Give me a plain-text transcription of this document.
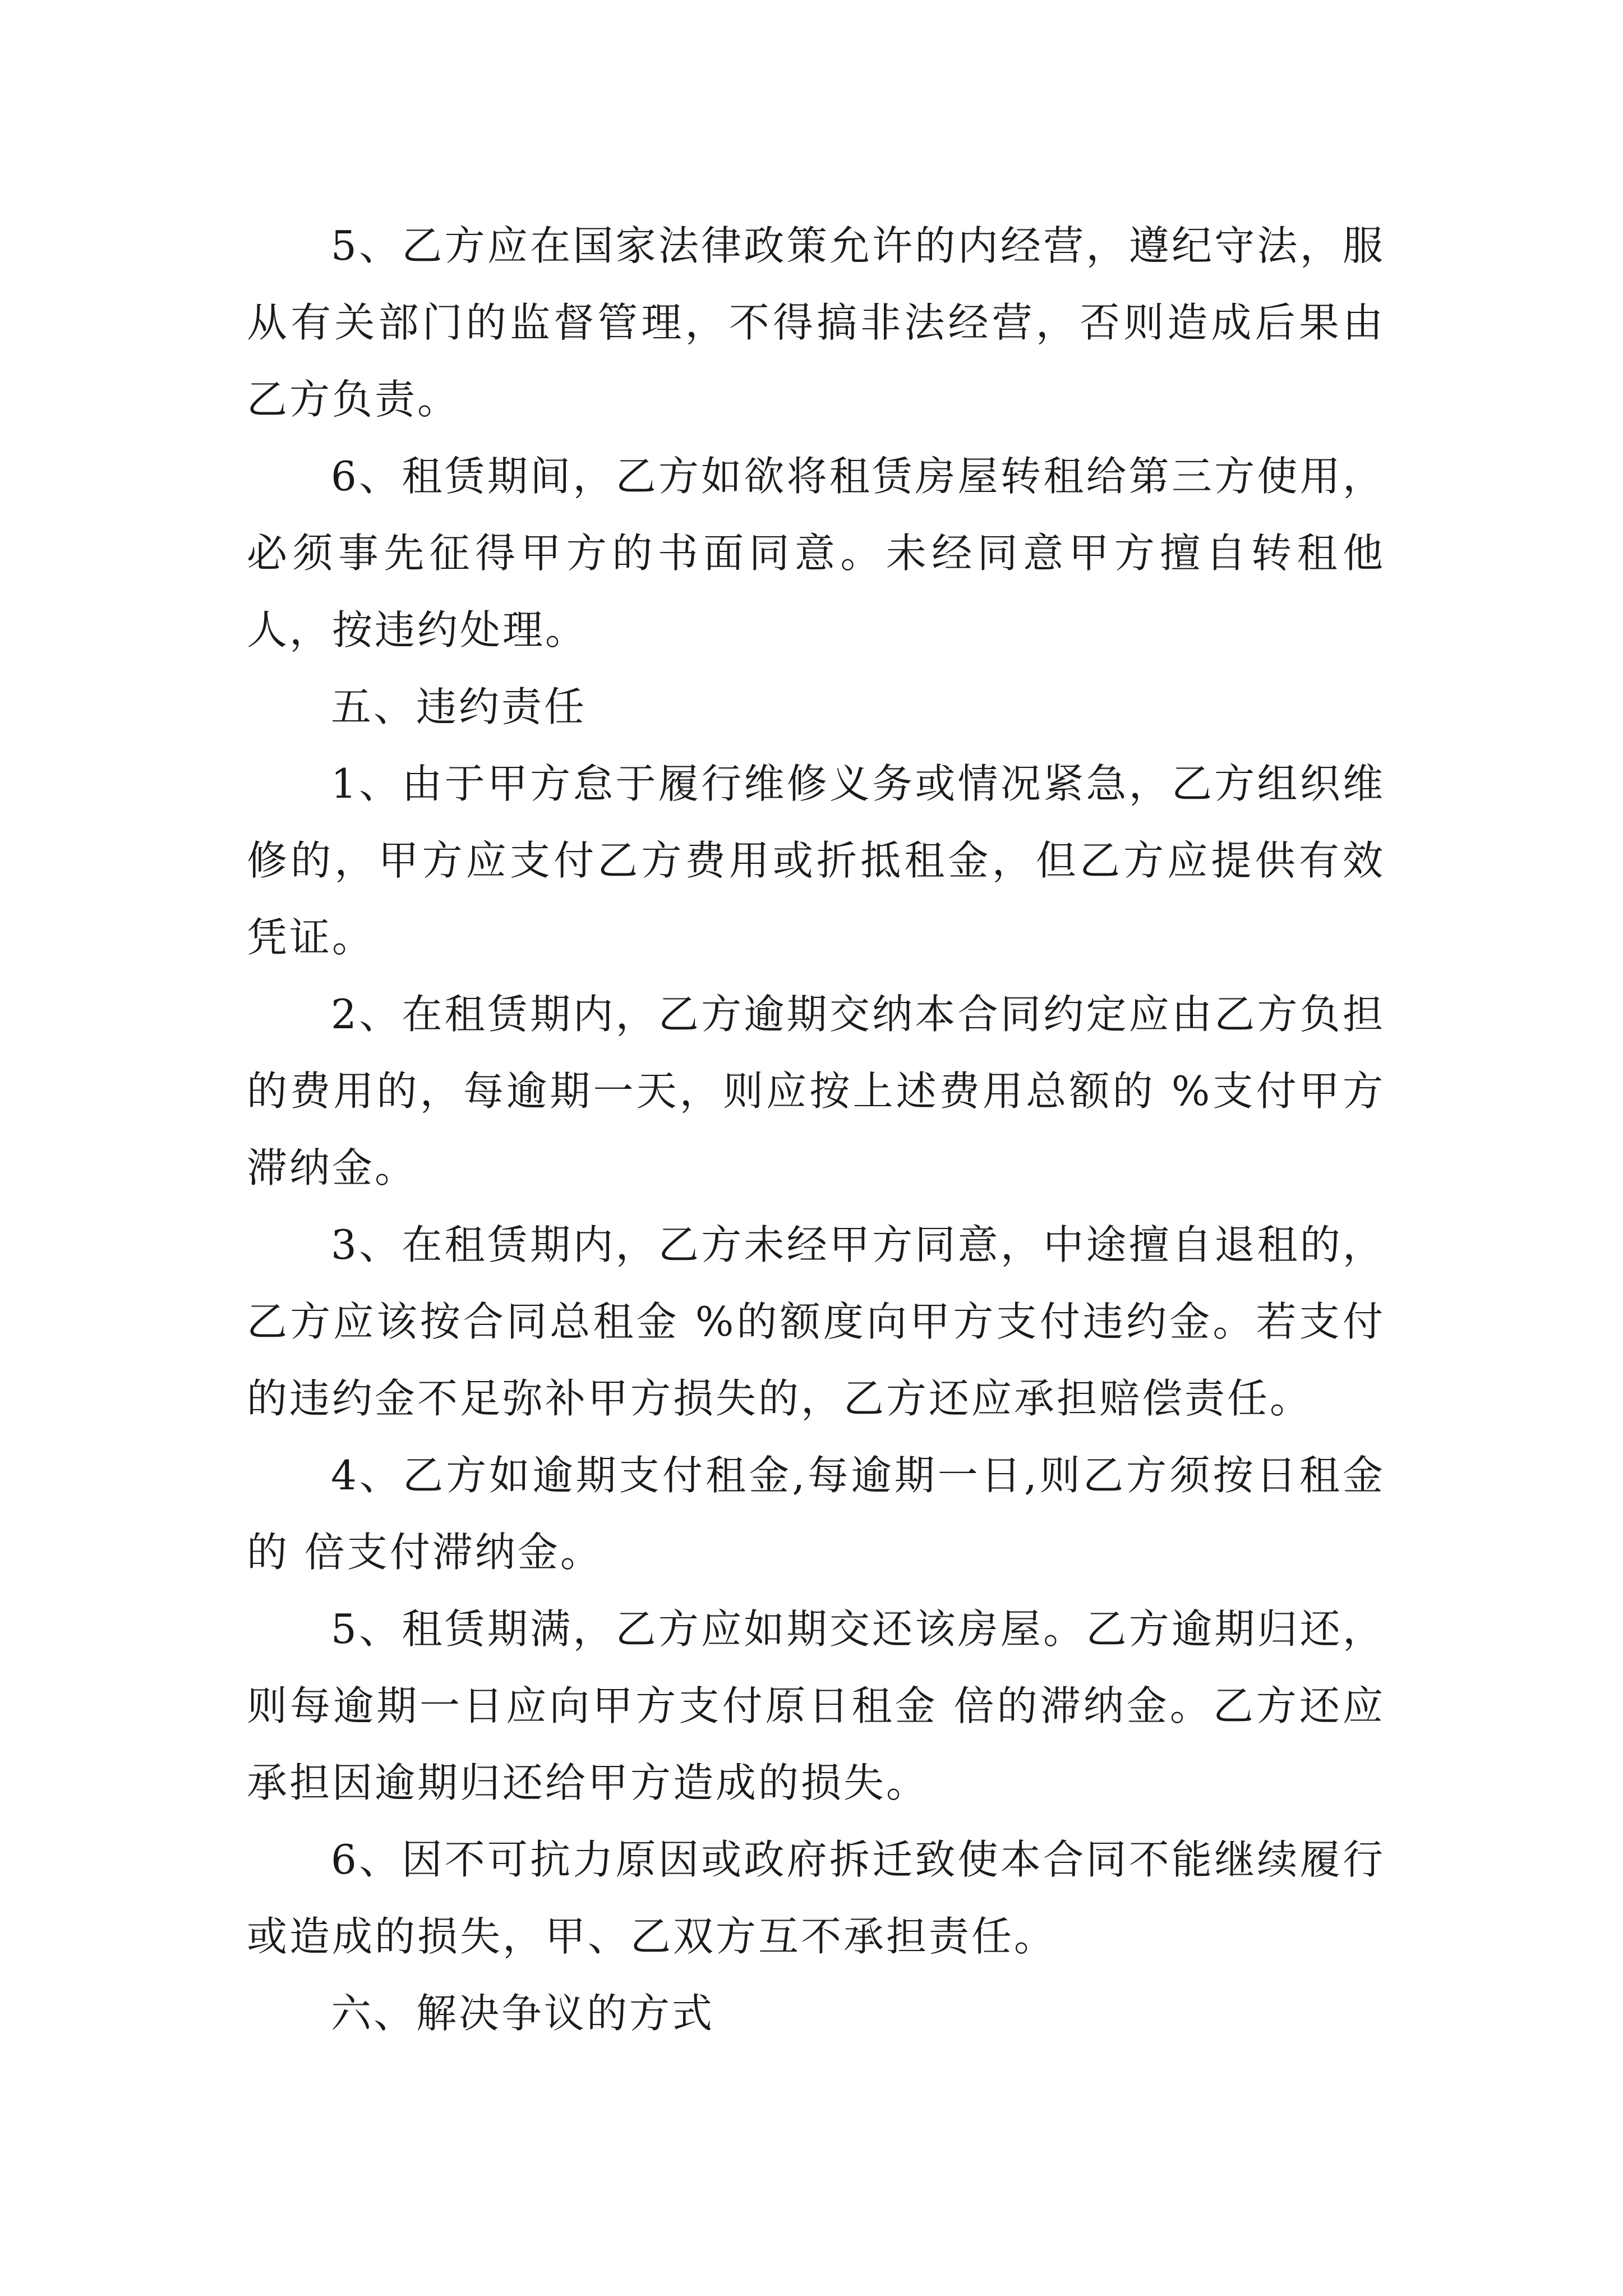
5、乙方应在国家法律政策允许的内经营，遵纪守法，服从有关部门的监督管理，不得搞非法经营，否则造成后果由乙方负责。

6、租赁期间，乙方如欲将租赁房屋转租给第三方使用，必须事先征得甲方的书面同意。未经同意甲方擅自转租他人，按违约处理。

五、违约责任

1、由于甲方怠于履行维修义务或情况紧急，乙方组织维修的，甲方应支付乙方费用或折抵租金，但乙方应提供有效凭证。

2、在租赁期内，乙方逾期交纳本合同约定应由乙方负担的费用的，每逾期一天，则应按上述费用总额的 %支付甲方滞纳金。

3、在租赁期内，乙方未经甲方同意，中途擅自退租的，乙方应该按合同总租金 %的额度向甲方支付违约金。若支付的违约金不足弥补甲方损失的，乙方还应承担赔偿责任。

4、乙方如逾期支付租金,每逾期一日,则乙方须按日租金的 倍支付滞纳金。

5、租赁期满，乙方应如期交还该房屋。乙方逾期归还，则每逾期一日应向甲方支付原日租金 倍的滞纳金。乙方还应承担因逾期归还给甲方造成的损失。

6、因不可抗力原因或政府拆迁致使本合同不能继续履行或造成的损失，甲、乙双方互不承担责任。

六、解决争议的方式
